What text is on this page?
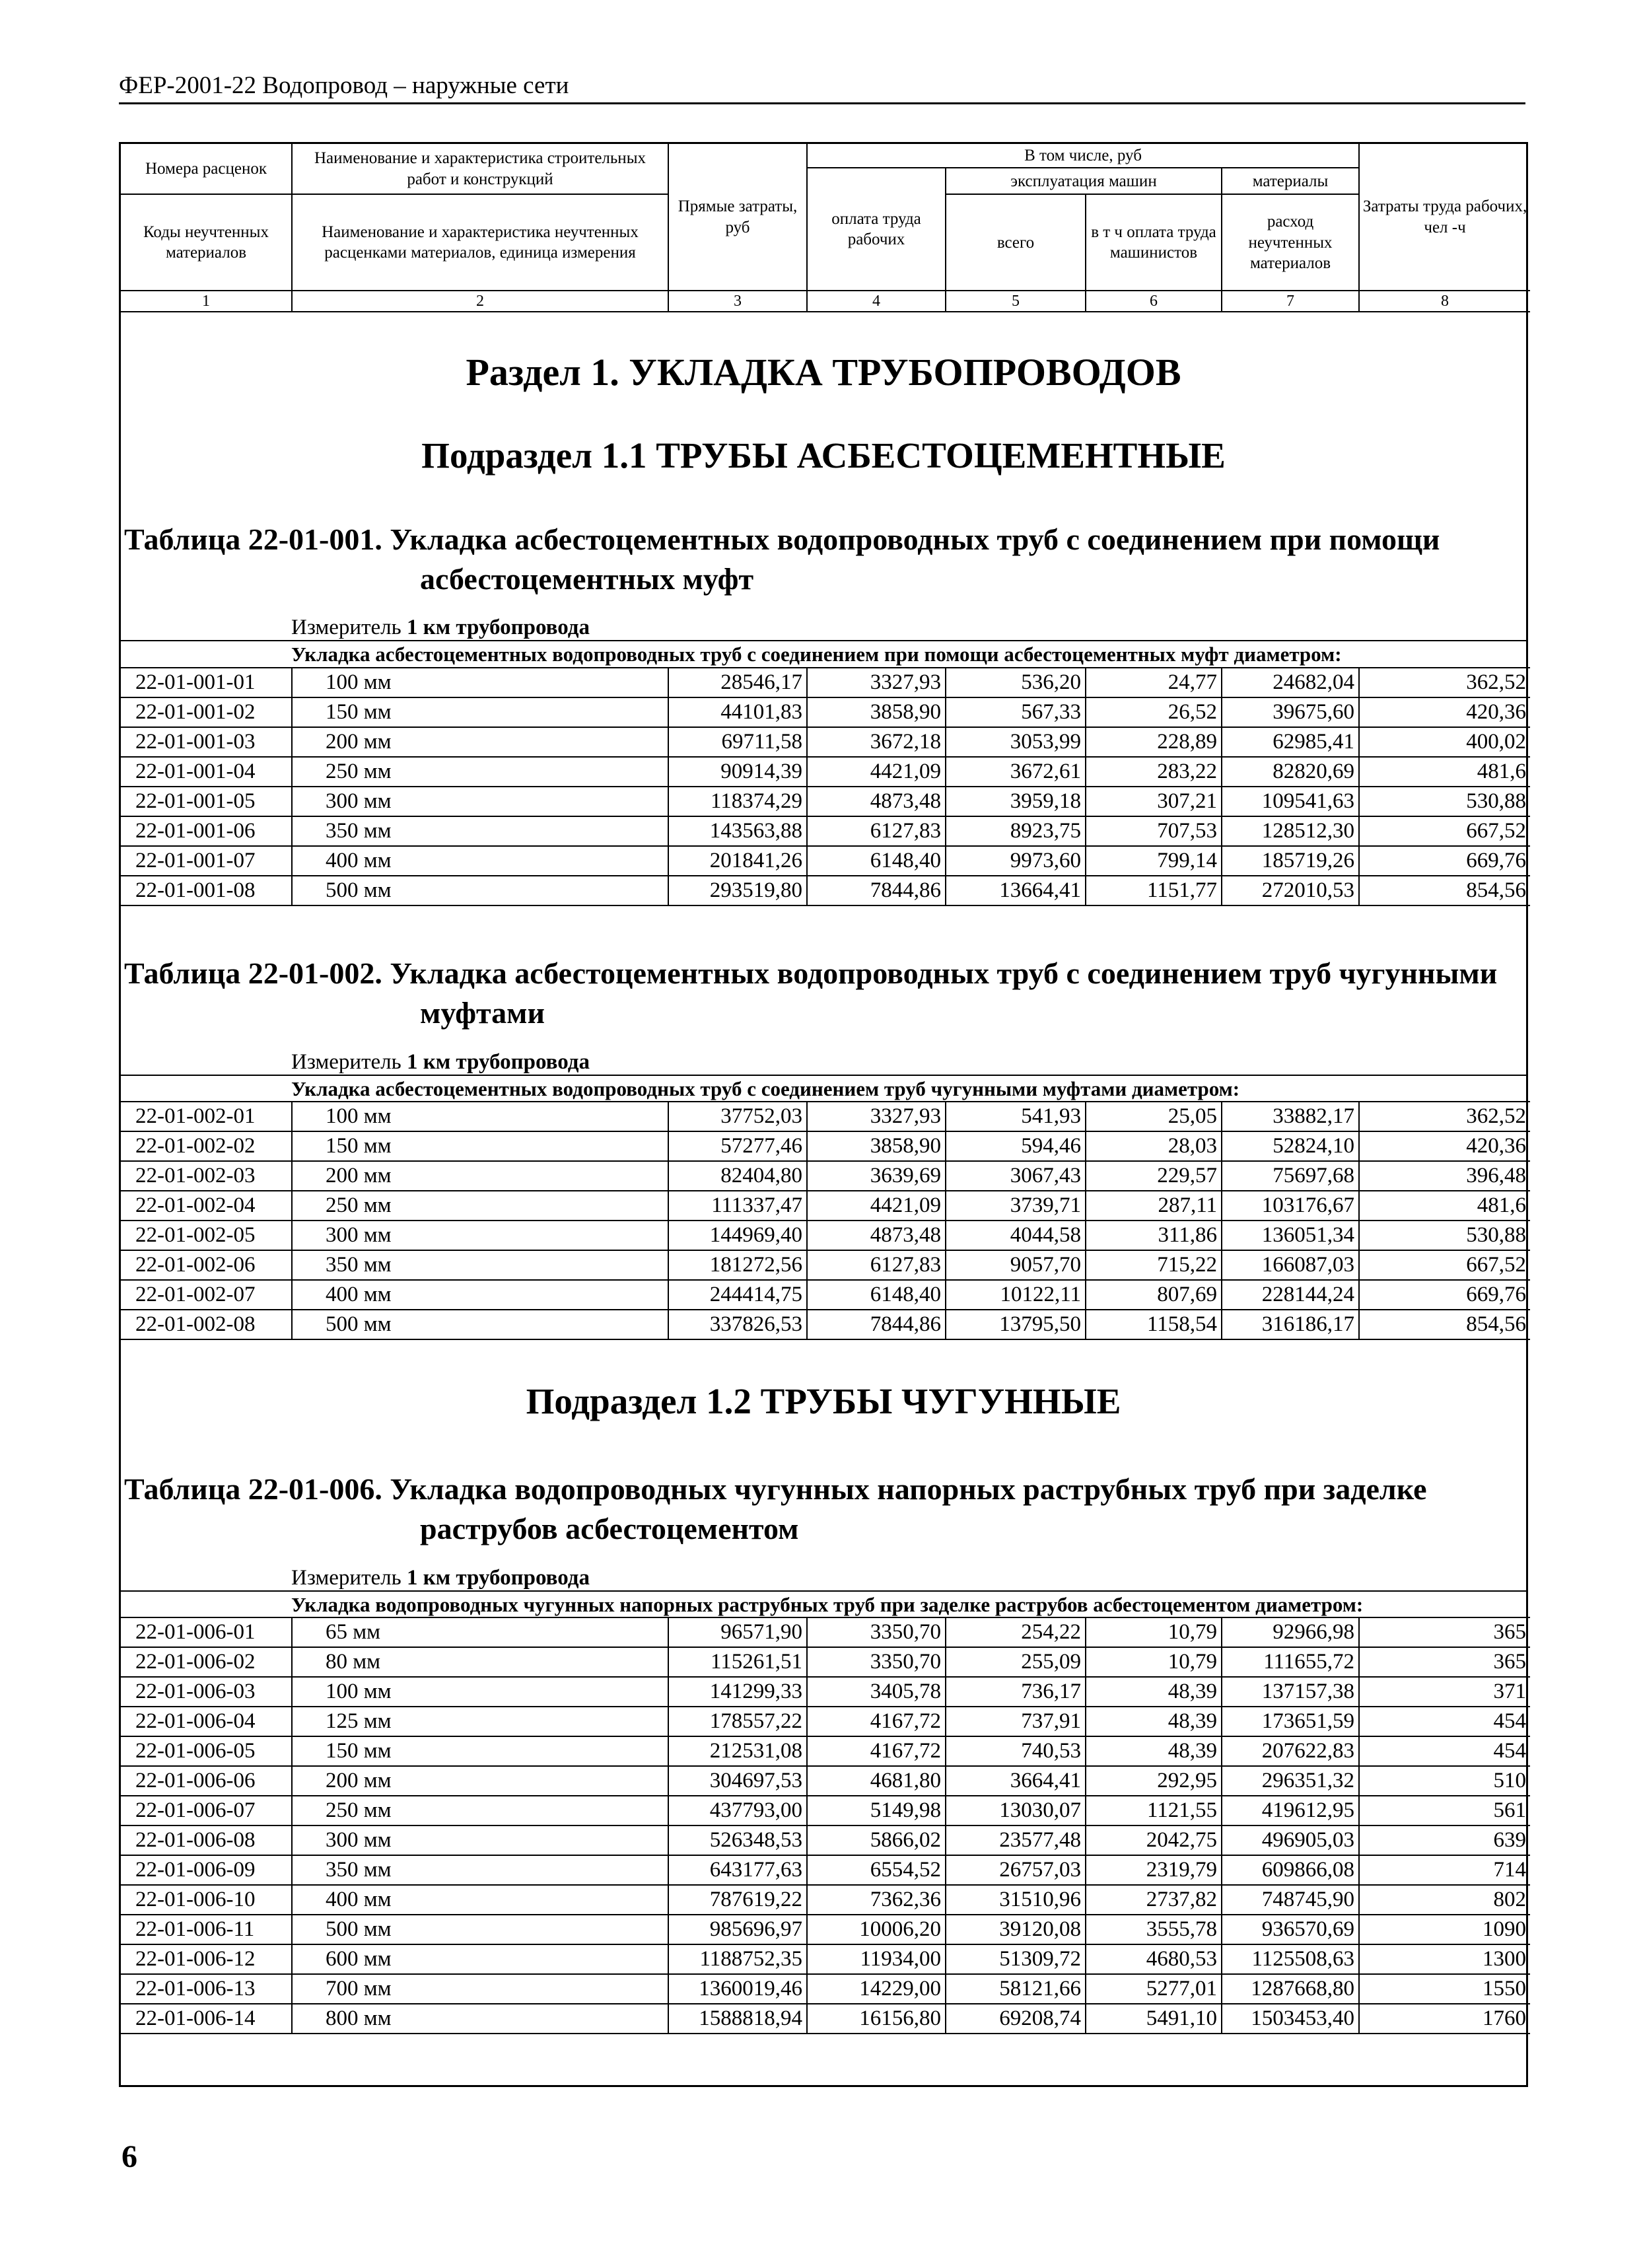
ФЕР-2001-22 Водопровод – наружные сети
Номера расценок	Наименование и характеристика строительных работ и конструкций	Прямые затраты, руб	В том числе, руб				Затраты труда рабочих, чел -ч
			оплата труда рабочих	эксплуатация машин		материалы	
Коды неучтенных материалов	Наименование и характеристика неучтенных расценками материалов, единица измерения			всего	в т ч оплата труда машинистов	расход неучтенных материалов	
1	2	3	4	5	6	7	8
Раздел 1. УКЛАДКА ТРУБОПРОВОДОВ
Подраздел 1.1 ТРУБЫ АСБЕСТОЦЕМЕНТНЫЕ
Таблица 22-01-001. Укладка асбестоцементных водопроводных труб с соединением при помощи асбестоцементных муфт
Измеритель 1 км трубопровода
Укладка асбестоцементных водопроводных труб с соединением при помощи асбестоцементных муфт диаметром:
22-01-001-01	100 мм	28546,17	3327,93	536,20	24,77	24682,04	362,52
22-01-001-02	150 мм	44101,83	3858,90	567,33	26,52	39675,60	420,36
22-01-001-03	200 мм	69711,58	3672,18	3053,99	228,89	62985,41	400,02
22-01-001-04	250 мм	90914,39	4421,09	3672,61	283,22	82820,69	481,6
22-01-001-05	300 мм	118374,29	4873,48	3959,18	307,21	109541,63	530,88
22-01-001-06	350 мм	143563,88	6127,83	8923,75	707,53	128512,30	667,52
22-01-001-07	400 мм	201841,26	6148,40	9973,60	799,14	185719,26	669,76
22-01-001-08	500 мм	293519,80	7844,86	13664,41	1151,77	272010,53	854,56
Таблица 22-01-002. Укладка асбестоцементных водопроводных труб с соединением труб чугунными муфтами
Измеритель 1 км трубопровода
Укладка асбестоцементных водопроводных труб с соединением труб чугунными муфтами диаметром:
22-01-002-01	100 мм	37752,03	3327,93	541,93	25,05	33882,17	362,52
22-01-002-02	150 мм	57277,46	3858,90	594,46	28,03	52824,10	420,36
22-01-002-03	200 мм	82404,80	3639,69	3067,43	229,57	75697,68	396,48
22-01-002-04	250 мм	111337,47	4421,09	3739,71	287,11	103176,67	481,6
22-01-002-05	300 мм	144969,40	4873,48	4044,58	311,86	136051,34	530,88
22-01-002-06	350 мм	181272,56	6127,83	9057,70	715,22	166087,03	667,52
22-01-002-07	400 мм	244414,75	6148,40	10122,11	807,69	228144,24	669,76
22-01-002-08	500 мм	337826,53	7844,86	13795,50	1158,54	316186,17	854,56
Подраздел 1.2 ТРУБЫ ЧУГУННЫЕ
Таблица 22-01-006. Укладка водопроводных чугунных напорных раструбных труб при заделке раструбов асбестоцементом
Измеритель 1 км трубопровода
Укладка водопроводных чугунных напорных раструбных труб при заделке раструбов асбестоцементом диаметром:
22-01-006-01	65 мм	96571,90	3350,70	254,22	10,79	92966,98	365
22-01-006-02	80 мм	115261,51	3350,70	255,09	10,79	111655,72	365
22-01-006-03	100 мм	141299,33	3405,78	736,17	48,39	137157,38	371
22-01-006-04	125 мм	178557,22	4167,72	737,91	48,39	173651,59	454
22-01-006-05	150 мм	212531,08	4167,72	740,53	48,39	207622,83	454
22-01-006-06	200 мм	304697,53	4681,80	3664,41	292,95	296351,32	510
22-01-006-07	250 мм	437793,00	5149,98	13030,07	1121,55	419612,95	561
22-01-006-08	300 мм	526348,53	5866,02	23577,48	2042,75	496905,03	639
22-01-006-09	350 мм	643177,63	6554,52	26757,03	2319,79	609866,08	714
22-01-006-10	400 мм	787619,22	7362,36	31510,96	2737,82	748745,90	802
22-01-006-11	500 мм	985696,97	10006,20	39120,08	3555,78	936570,69	1090
22-01-006-12	600 мм	1188752,35	11934,00	51309,72	4680,53	1125508,63	1300
22-01-006-13	700 мм	1360019,46	14229,00	58121,66	5277,01	1287668,80	1550
22-01-006-14	800 мм	1588818,94	16156,80	69208,74	5491,10	1503453,40	1760
6
